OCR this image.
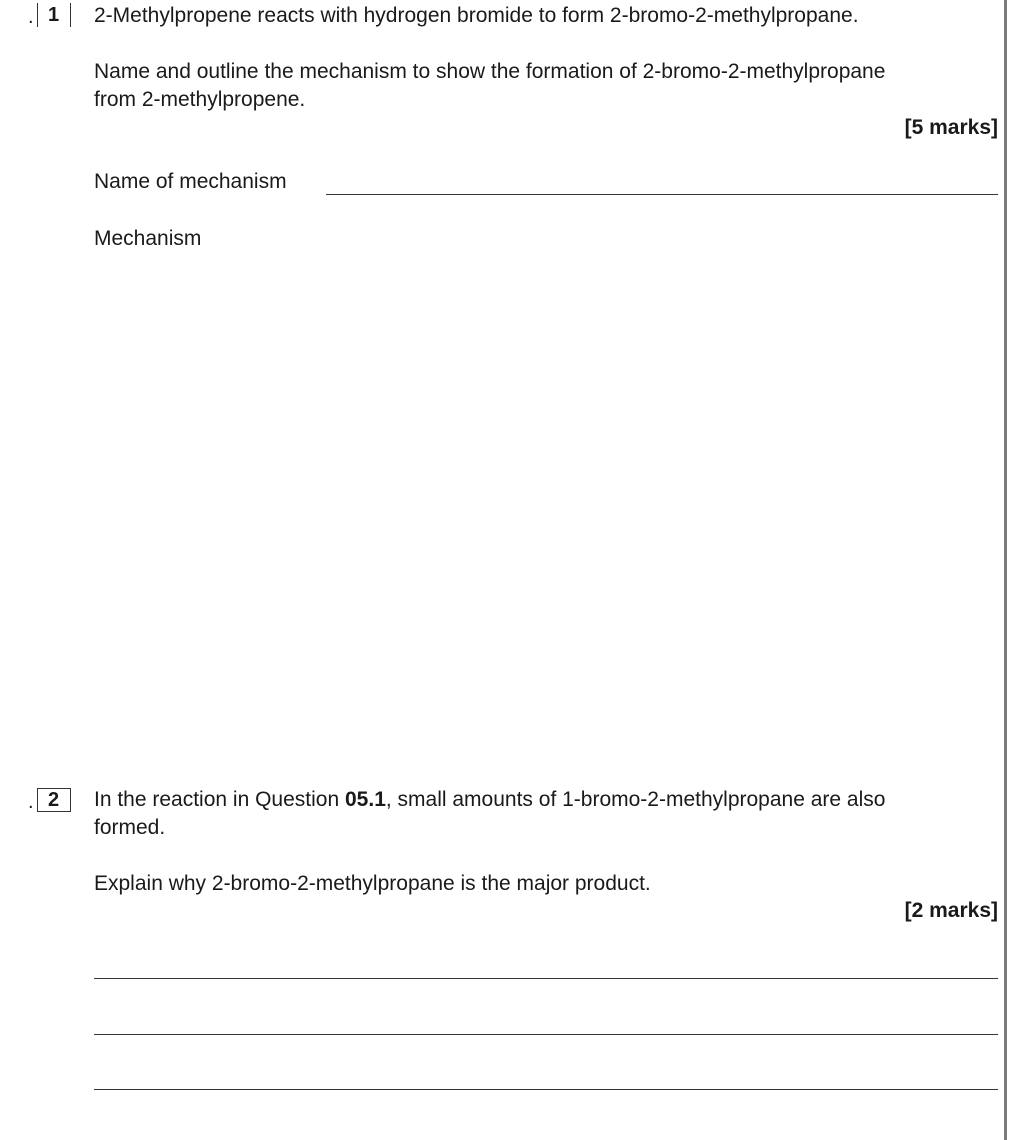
. 1	2-Methylpropene reacts with hydrogen bromide to form 2-bromo-2-methylpropane.
Name and outline the mechanism to show the formation of 2-bromo-2-methylpropane
from 2-methylpropene.
[5 marks]
Name of mechanism
Mechanism
. 2	In the reaction in Question 05.1, small amounts of 1-bromo-2-methylpropane are also
formed.
Explain why 2-bromo-2-methylpropane is the major product.
[2 marks]
